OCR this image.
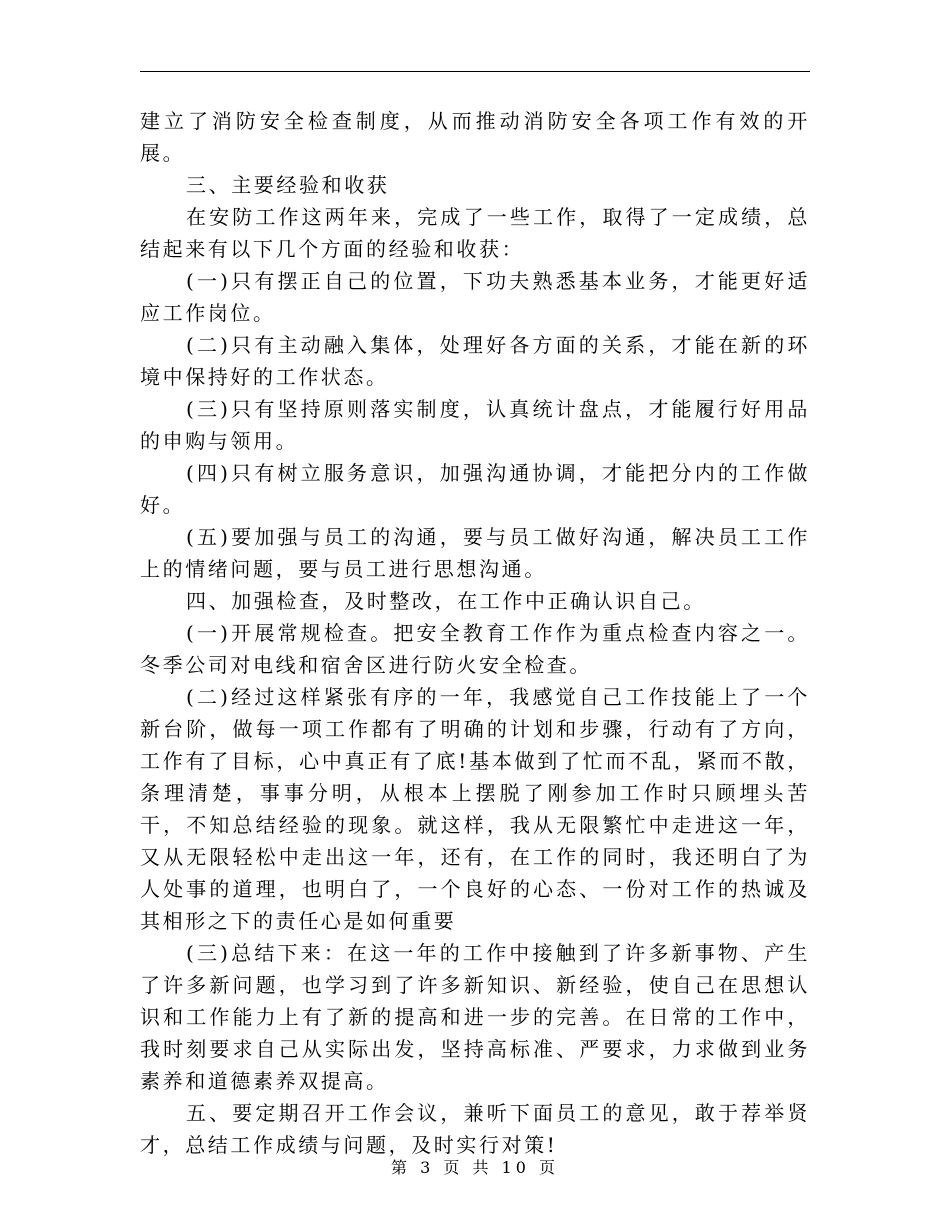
建立了消防安全检查制度，从而推动消防安全各项工作有效的开展。

三、主要经验和收获

在安防工作这两年来，完成了一些工作，取得了一定成绩，总结起来有以下几个方面的经验和收获：

(一)只有摆正自己的位置，下功夫熟悉基本业务，才能更好适应工作岗位。

(二)只有主动融入集体，处理好各方面的关系，才能在新的环境中保持好的工作状态。

(三)只有坚持原则落实制度，认真统计盘点，才能履行好用品的申购与领用。

(四)只有树立服务意识，加强沟通协调，才能把分内的工作做好。

(五)要加强与员工的沟通，要与员工做好沟通，解决员工工作上的情绪问题，要与员工进行思想沟通。

四、加强检查，及时整改，在工作中正确认识自己。

(一)开展常规检查。把安全教育工作作为重点检查内容之一。冬季公司对电线和宿舍区进行防火安全检查。

(二)经过这样紧张有序的一年，我感觉自己工作技能上了一个新台阶，做每一项工作都有了明确的计划和步骤，行动有了方向，工作有了目标，心中真正有了底!基本做到了忙而不乱，紧而不散，条理清楚，事事分明，从根本上摆脱了刚参加工作时只顾埋头苦干，不知总结经验的现象。就这样，我从无限繁忙中走进这一年，又从无限轻松中走出这一年，还有，在工作的同时，我还明白了为人处事的道理，也明白了，一个良好的心态、一份对工作的热诚及其相形之下的责任心是如何重要

(三)总结下来：在这一年的工作中接触到了许多新事物、产生了许多新问题，也学习到了许多新知识、新经验，使自己在思想认识和工作能力上有了新的提高和进一步的完善。在日常的工作中，我时刻要求自己从实际出发，坚持高标准、严要求，力求做到业务素养和道德素养双提高。

五、要定期召开工作会议，兼听下面员工的意见，敢于荐举贤才，总结工作成绩与问题，及时实行对策!

第 3 页 共 10 页
